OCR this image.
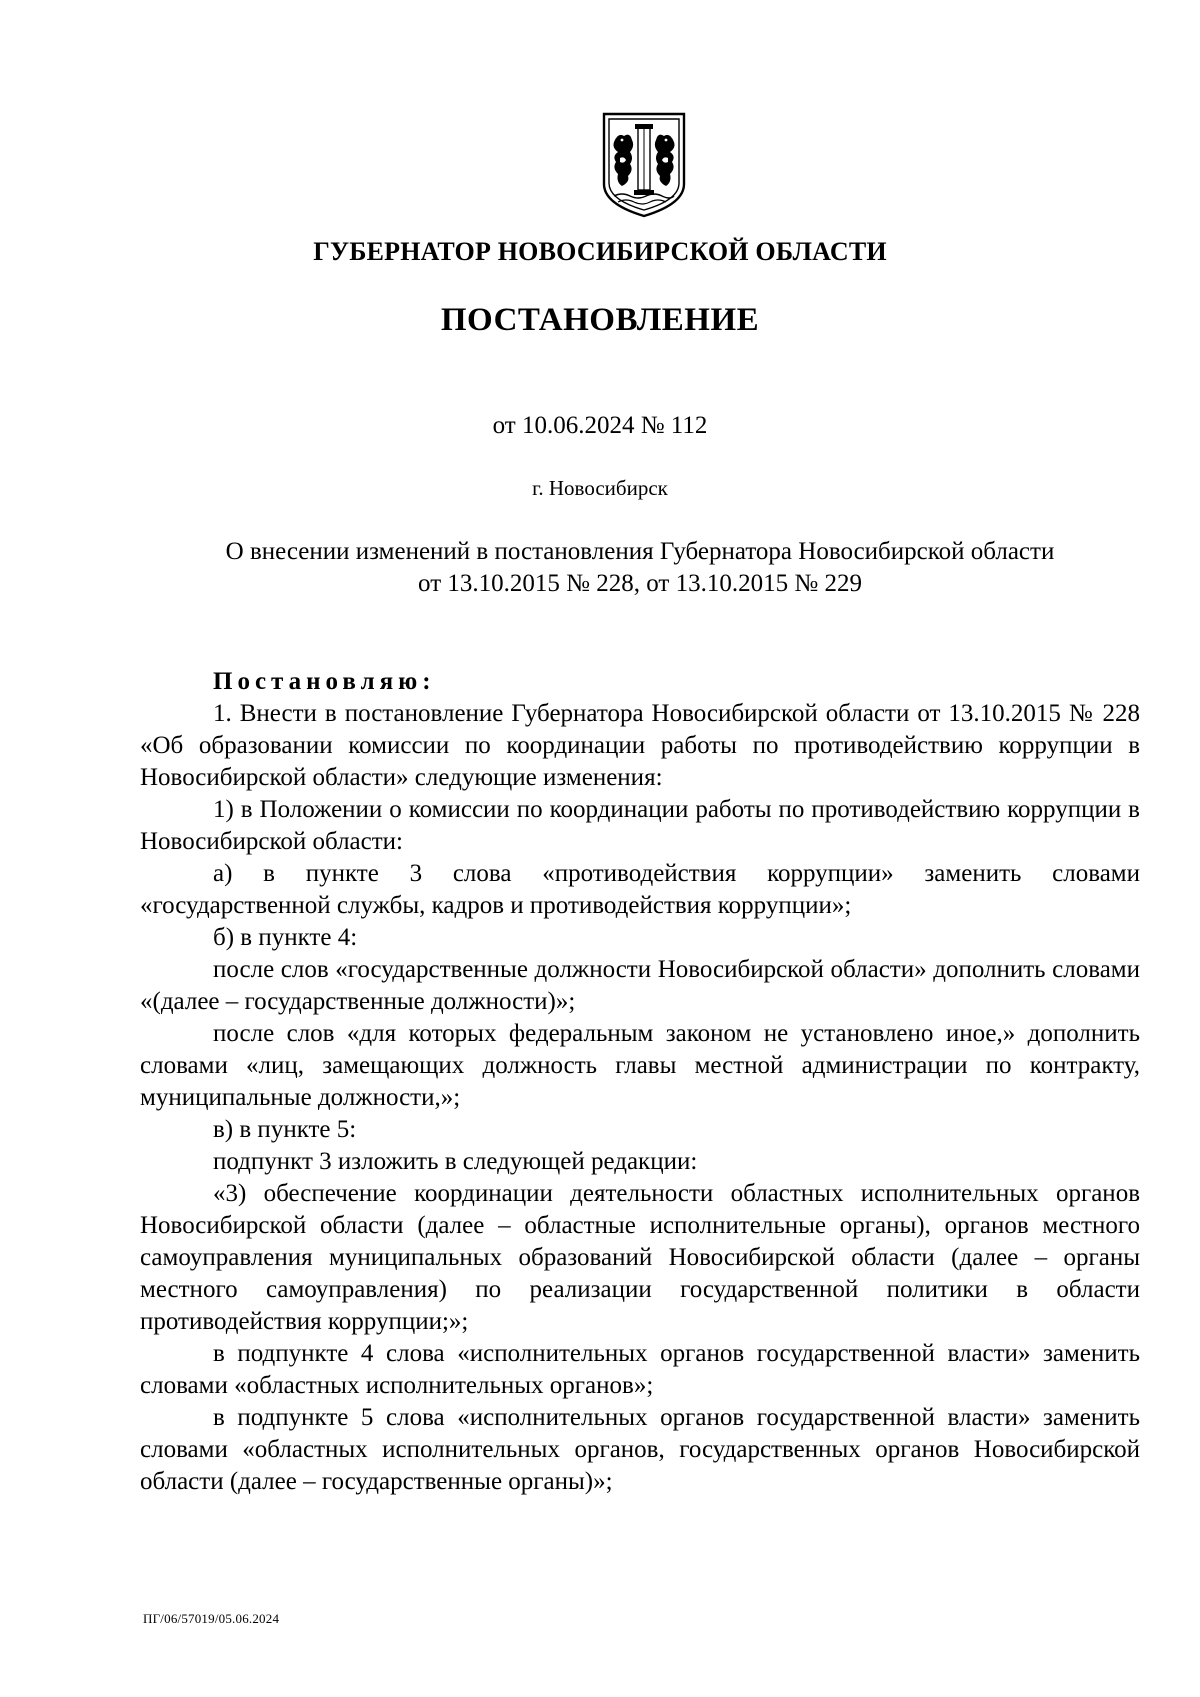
ГУБЕРНАТОР НОВОСИБИРСКОЙ ОБЛАСТИ
ПОСТАНОВЛЕНИЕ
от 10.06.2024 № 112
г. Новосибирск
О внесении изменений в постановления Губернатора Новосибирской области
от 13.10.2015 № 228, от 13.10.2015 № 229

Постановляю:

1. Внести в постановление Губернатора Новосибирской области от 13.10.2015 № 228 «Об образовании комиссии по координации работы по противодействию коррупции в Новосибирской области» следующие изменения:

1) в Положении о комиссии по координации работы по противодействию коррупции в Новосибирской области:

а) в пункте 3 слова «противодействия коррупции» заменить словами «государственной службы, кадров и противодействия коррупции»;

б) в пункте 4:

после слов «государственные должности Новосибирской области» дополнить словами «(далее – государственные должности)»;

после слов «для которых федеральным законом не установлено иное,» дополнить словами «лиц, замещающих должность главы местной администрации по контракту, муниципальные должности,»;

в) в пункте 5:

подпункт 3 изложить в следующей редакции:

«3) обеспечение координации деятельности областных исполнительных органов Новосибирской области (далее – областные исполнительные органы), органов местного самоуправления муниципальных образований Новосибирской области (далее – органы местного самоуправления) по реализации государственной политики в области противодействия коррупции;»;

в подпункте 4 слова «исполнительных органов государственной власти» заменить словами «областных исполнительных органов»;

в подпункте 5 слова «исполнительных органов государственной власти» заменить словами «областных исполнительных органов, государственных органов Новосибирской области (далее – государственные органы)»;

ПГ/06/57019/05.06.2024
